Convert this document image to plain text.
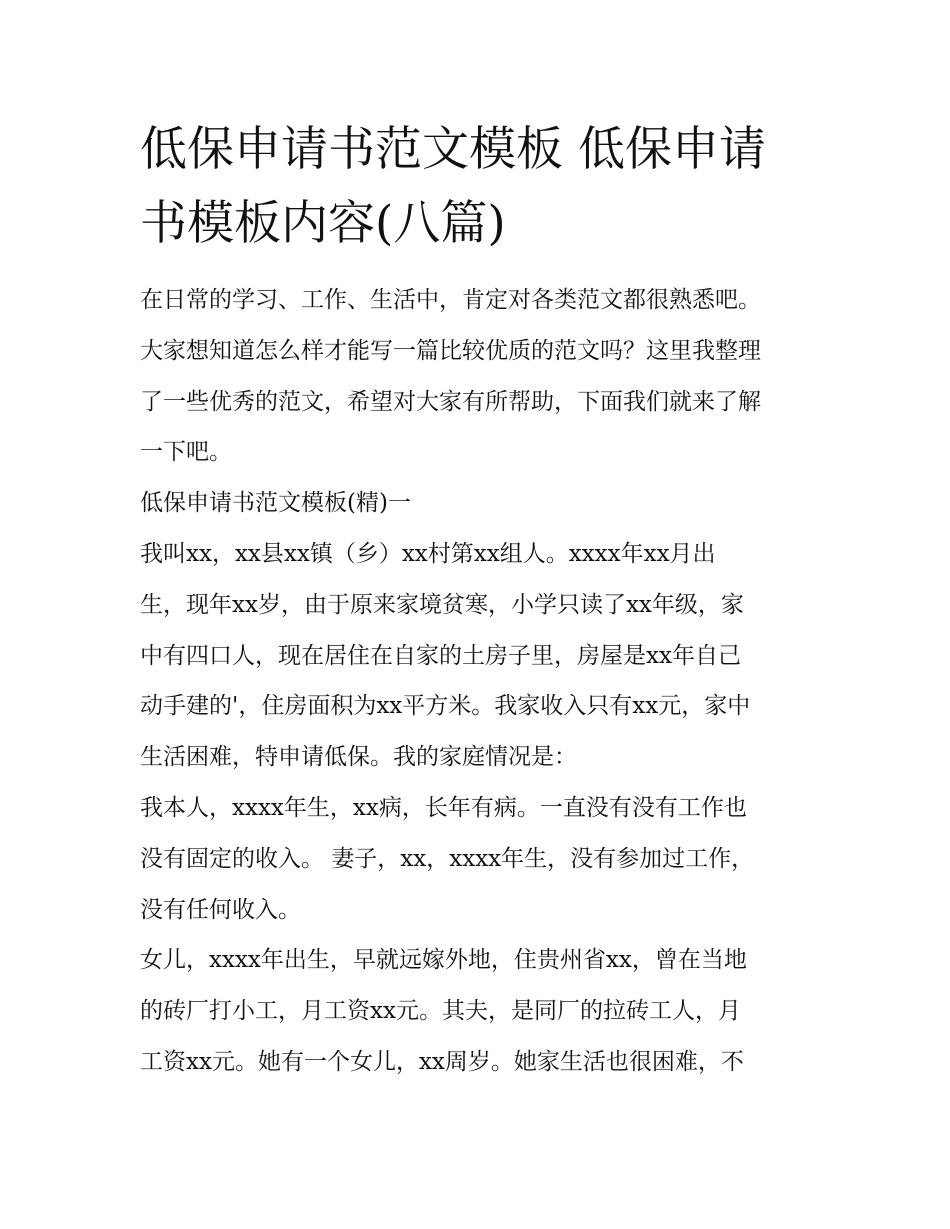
低保申请书范文模板 低保申请
书模板内容(八篇)
在日常的学习、工作、生活中，肯定对各类范文都很熟悉吧。
大家想知道怎么样才能写一篇比较优质的范文吗？这里我整理
了一些优秀的范文，希望对大家有所帮助，下面我们就来了解
一下吧。
低保申请书范文模板(精)一
我叫xx，xx县xx镇（乡）xx村第xx组人。xxxx年xx月出
生，现年xx岁，由于原来家境贫寒，小学只读了xx年级，家
中有四口人，现在居住在自家的土房子里，房屋是xx年自己
动手建的'，住房面积为xx平方米。我家收入只有xx元，家中
生活困难，特申请低保。我的家庭情况是：
我本人，xxxx年生，xx病，长年有病。一直没有没有工作也
没有固定的收入。 妻子，xx，xxxx年生，没有参加过工作，
没有任何收入。
女儿，xxxx年出生，早就远嫁外地，住贵州省xx，曾在当地
的砖厂打小工，月工资xx元。其夫，是同厂的拉砖工人，月
工资xx元。她有一个女儿，xx周岁。她家生活也很困难，不
